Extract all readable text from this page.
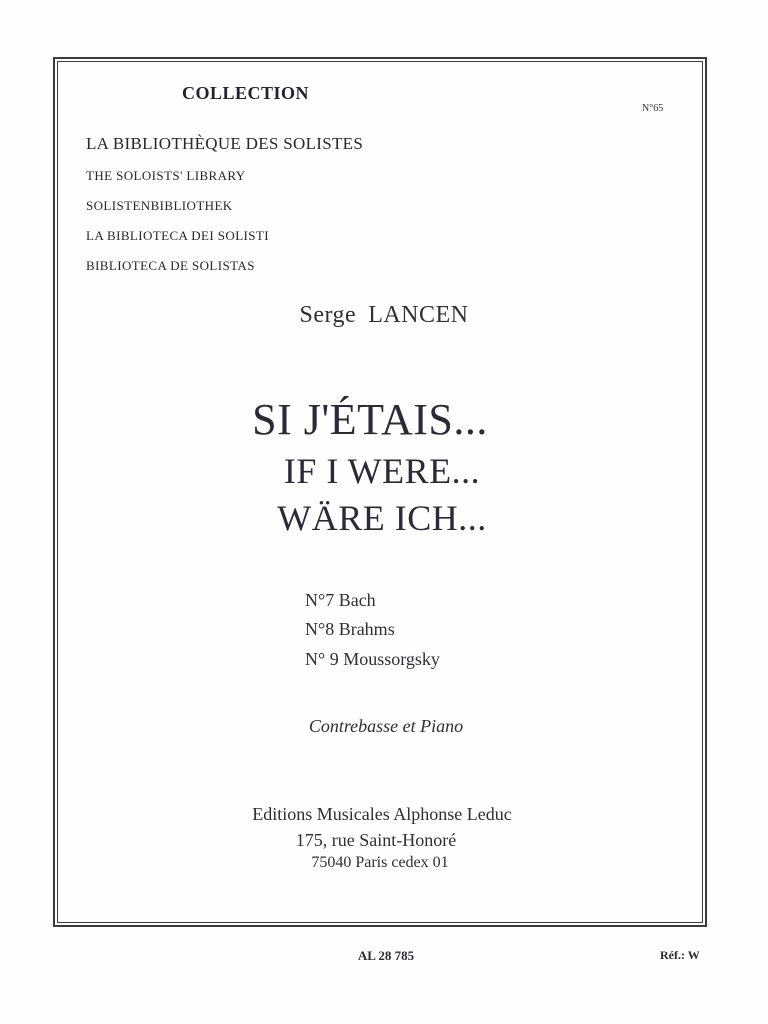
COLLECTION
N°65
LA BIBLIOTHÈQUE DES SOLISTES
THE SOLOISTS' LIBRARY
SOLISTENBIBLIOTHEK
LA BIBLIOTECA DEI SOLISTI
BIBLIOTECA DE SOLISTAS
Serge LANCEN
SI J'ÉTAIS...
IF I WERE...
WÄRE ICH...
N°7 Bach
N°8 Brahms
N° 9 Moussorgsky
Contrebasse et Piano
Editions Musicales Alphonse Leduc
175, rue Saint-Honoré
75040 Paris cedex 01
AL 28 785	Réf.: W
